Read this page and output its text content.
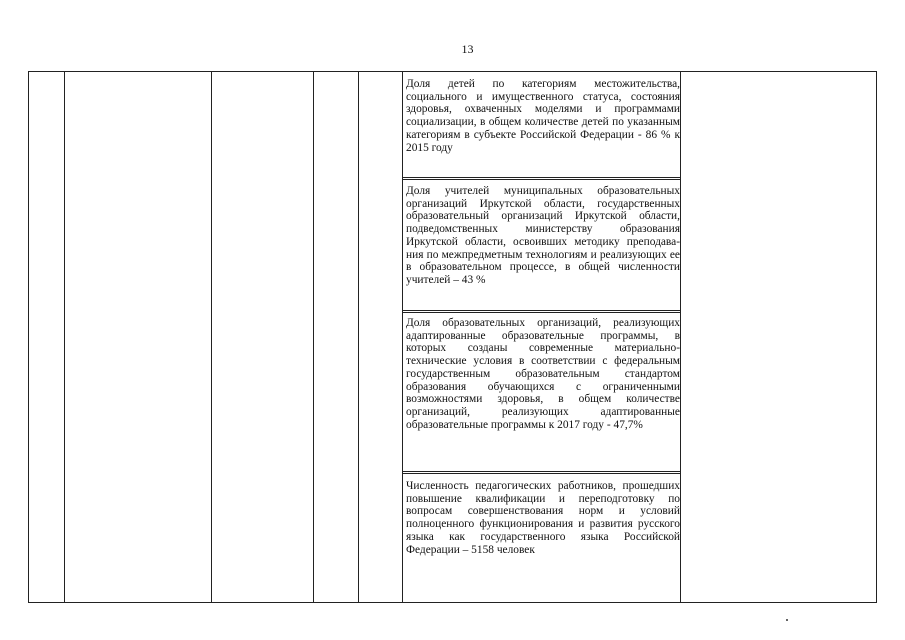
13
Доля детей по категориям местожительства, социального и имущественного статуса, состояния здоровья, охваченных моделями и программами социализации, в общем количестве детей по указанным категориям в субъекте Российской Федерации - 86 % к 2015 году
Доля учителей муниципальных образовательных организаций Иркутской области, государственных образовательный организаций Иркутской области, подведомственных министерству образования Иркутской области, освоивших методику преподава-ния по межпредметным технологиям и реализующих ее в образовательном процессе, в общей численности учителей – 43 %
Доля образовательных организаций, реализующих адаптированные образовательные программы, в которых созданы современные материально-технические условия в соответствии с федеральным государственным образовательным стандартом образования обучающихся с ограниченными возможностями здоровья, в общем количестве организаций, реализующих адаптированные образовательные программы к 2017 году - 47,7%
Численность педагогических работников, прошедших повышение квалификации и переподготовку по вопросам совершенствования норм и условий полноценного функционирования и развития русского языка как государственного языка Российской Федерации – 5158 человек
